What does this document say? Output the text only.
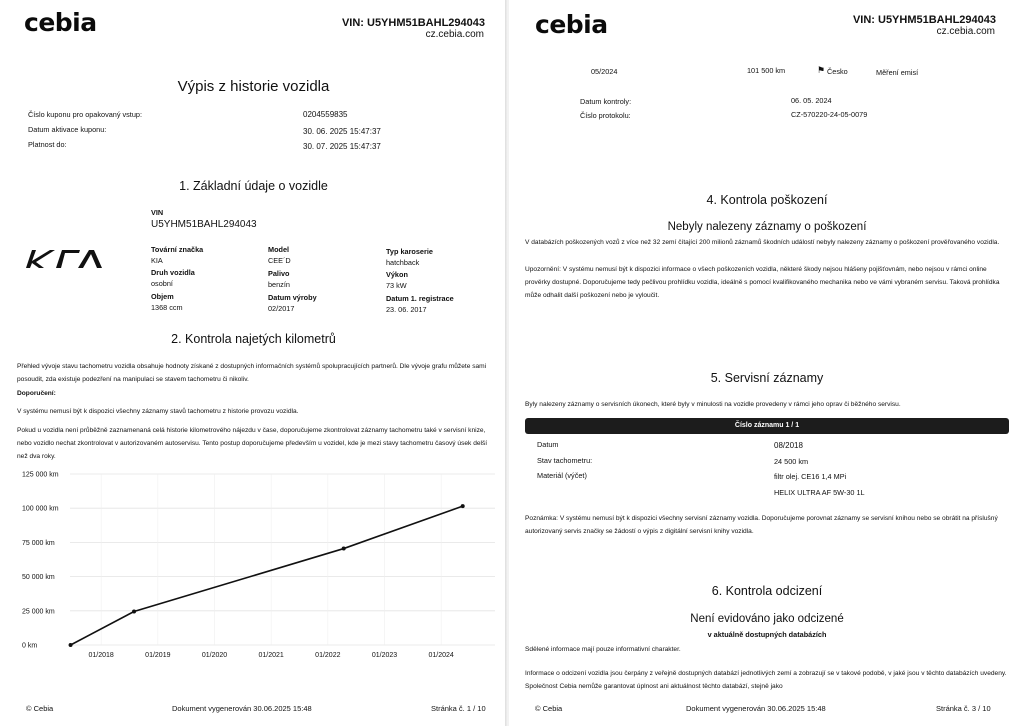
cebia	VIN: U5YHM51BAHL294043
cz.cebia.com
Výpis z historie vozidla
Číslo kuponu pro opakovaný vstup:	0204559835
Datum aktivace kuponu:	30. 06. 2025 15:47:37
Platnost do:	30. 07. 2025 15:47:37
1. Základní údaje o vozidle
VIN
U5YHM51BAHL294043
Tovární značka
KIA
Model
CEE´D
Typ karoserie
hatchback
Druh vozidla
osobní
Palivo
benzín
Výkon
73 kW
Objem
1368 ccm
Datum výroby
02/2017
Datum 1. registrace
23. 06. 2017
2. Kontrola najetých kilometrů
Přehled vývoje stavu tachometru vozidla obsahuje hodnoty získané z dostupných informačních systémů spolupracujících partnerů. Dle vývoje grafu můžete sami posoudit, zda existuje podezření na manipulaci se stavem tachometru či nikoliv.
Doporučení:
V systému nemusí být k dispozici všechny záznamy stavů tachometru z historie provozu vozidla.
Pokud u vozidla není průběžně zaznamenaná celá historie kilometrového nájezdu v čase, doporučujeme zkontrolovat záznamy tachometru také v servisní knize, nebo vozidlo nechat zkontrolovat v autorizovaném autoservisu. Tento postup doporučujeme především u vozidel, kde je mezi stavy tachometru časový úsek delší než dva roky.
0 km
25 000 km
50 000 km
75 000 km
100 000 km
125 000 km
01/2018	01/2019	01/2020	01/2021	01/2022	01/2023	01/2024
© Cebia	Dokument vygenerován 30.06.2025 15:48	Stránka č. 1 / 10
cebia	VIN: U5YHM51BAHL294043
cz.cebia.com
05/2024	101 500 km	⚑ Česko	Měření emisí
Datum kontroly:	06. 05. 2024
Číslo protokolu:	CZ-570220-24-05-0079
4. Kontrola poškození
Nebyly nalezeny záznamy o poškození
V databázích poškozených vozů z více než 32 zemí čítající 200 milionů záznamů škodních událostí nebyly nalezeny záznamy o poškození prověřovaného vozidla.
Upozornění: V systému nemusí být k dispozici informace o všech poškozeních vozidla, některé škody nejsou hlášeny pojišťovnám, nebo nejsou v rámci online prověrky dostupné. Doporučujeme tedy pečlivou prohlídku vozidla, ideálně s pomocí kvalifikovaného mechanika nebo ve vámi vybraném servisu. Taková prohlídka může odhalit další poškození nebo je vyloučit.
5. Servisní záznamy
Byly nalezeny záznamy o servisních úkonech, které byly v minulosti na vozidle provedeny v rámci jeho oprav či běžného servisu.
Číslo záznamu 1 / 1
Datum	08/2018
Stav tachometru:	24 500 km
Materiál (výčet)	filtr olej. CE16 1,4 MPi
HELIX ULTRA AF 5W-30 1L
Poznámka: V systému nemusí být k dispozici všechny servisní záznamy vozidla. Doporučujeme porovnat záznamy se servisní knihou nebo se obrátit na příslušný autorizovaný servis značky se žádostí o výpis z digitální servisní knihy vozidla.
6. Kontrola odcizení
Není evidováno jako odcizené
v aktuálně dostupných databázích
Sdělené informace mají pouze informativní charakter.
Informace o odcizení vozidla jsou čerpány z veřejně dostupných databází jednotlivých zemí a zobrazují se v takové podobě, v jaké jsou v těchto databázích uvedeny. Společnost Cebia nemůže garantovat úplnost ani aktuálnost těchto databází, stejně jako
© Cebia	Dokument vygenerován 30.06.2025 15:48	Stránka č. 3 / 10
